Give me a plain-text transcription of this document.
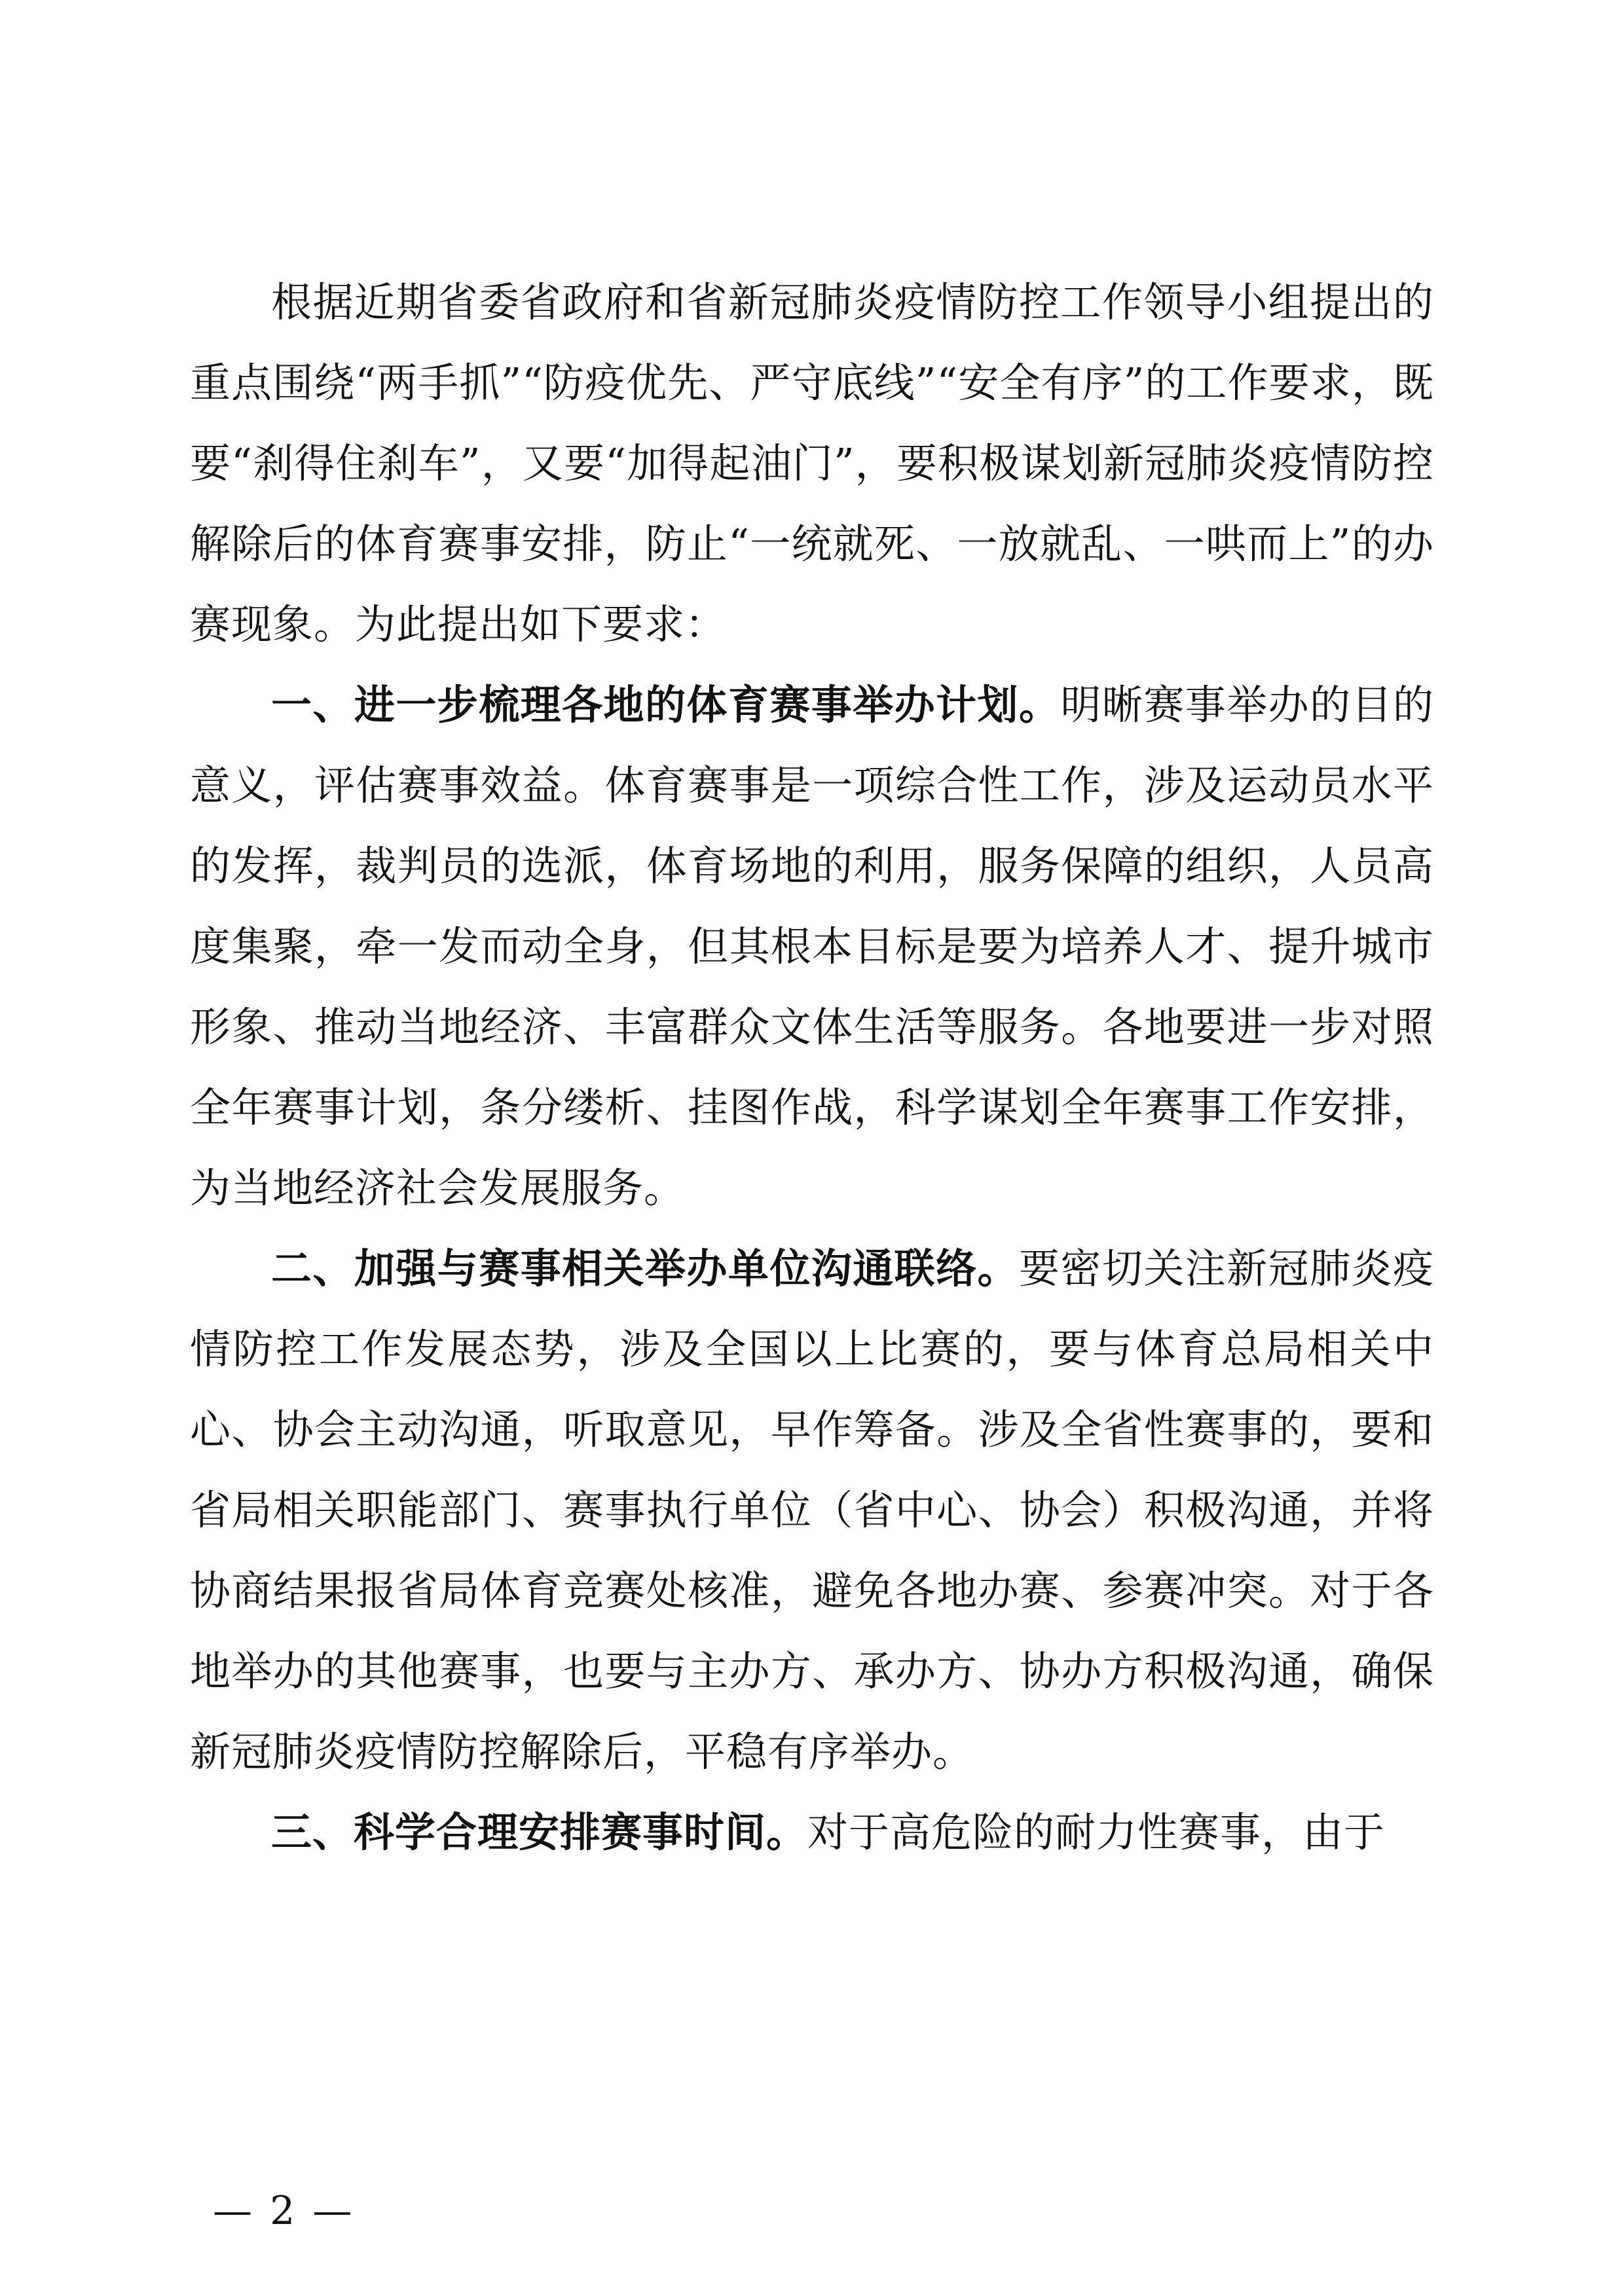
根据近期省委省政府和省新冠肺炎疫情防控工作领导小组提出的重点围绕“两手抓”“防疫优先、严守底线”“安全有序”的工作要求，既要“刹得住刹车”，又要“加得起油门”，要积极谋划新冠肺炎疫情防控解除后的体育赛事安排，防止“一统就死、一放就乱、一哄而上”的办赛现象。为此提出如下要求：

一、进一步梳理各地的体育赛事举办计划。明晰赛事举办的目的意义，评估赛事效益。体育赛事是一项综合性工作，涉及运动员水平的发挥，裁判员的选派，体育场地的利用，服务保障的组织，人员高度集聚，牵一发而动全身，但其根本目标是要为培养人才、提升城市形象、推动当地经济、丰富群众文体生活等服务。各地要进一步对照全年赛事计划，条分缕析、挂图作战，科学谋划全年赛事工作安排，为当地经济社会发展服务。

二、加强与赛事相关举办单位沟通联络。要密切关注新冠肺炎疫情防控工作发展态势，涉及全国以上比赛的，要与体育总局相关中心、协会主动沟通，听取意见，早作筹备。涉及全省性赛事的，要和省局相关职能部门、赛事执行单位（省中心、协会）积极沟通，并将协商结果报省局体育竞赛处核准，避免各地办赛、参赛冲突。对于各地举办的其他赛事，也要与主办方、承办方、协办方积极沟通，确保新冠肺炎疫情防控解除后，平稳有序举办。

三、科学合理安排赛事时间。对于高危险的耐力性赛事，由于

— 2 —
